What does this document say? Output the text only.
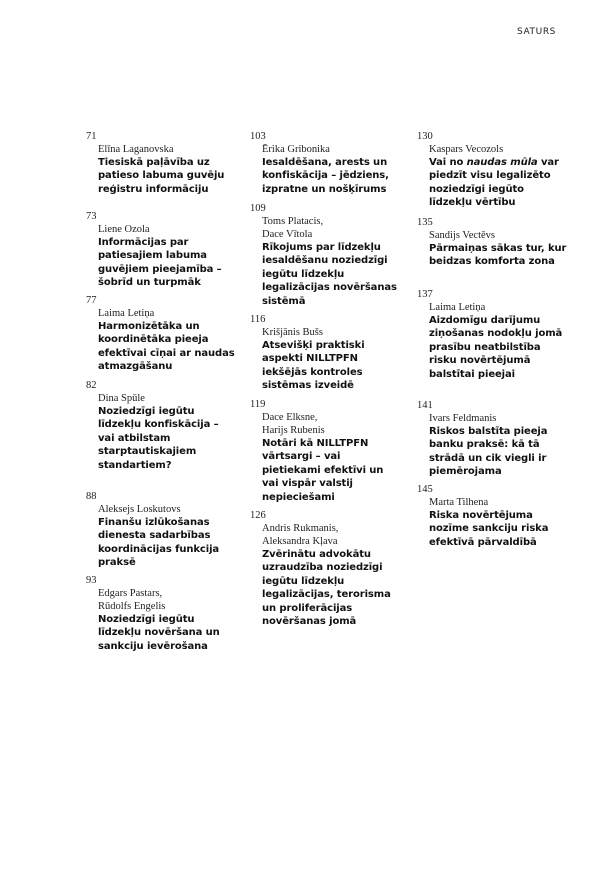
SATURS
71
Elīna Laganovska
Tiesiskā paļāvība uz patieso labuma guvēju reģistru informāciju
73
Liene Ozola
Informācijas par patiesajiem labuma guvējiem pieejamība – šobrīd un turpmāk
77
Laima Letiņa
Harmonizētāka un koordinētāka pieeja efektīvai cīņai ar naudas atmazgāšanu
82
Dina Spūle
Noziedzīgi iegūtu līdzekļu konfiskācija – vai atbilstam starptautiskajiem standartiem?
88
Aleksejs Loskutovs
Finanšu izlūkošanas dienesta sadarbības koordinācijas funkcija praksē
93
Edgars Pastars,
Rūdolfs Engelis
Noziedzīgi iegūtu līdzekļu novēršana un sankciju ievērošana
103
Ērika Gribonika
Iesaldēšana, arests un konfiskācija – jēdziens, izpratne un nošķīrums
109
Toms Platacis,
Dace Vītola
Rīkojums par līdzekļu iesaldēšanu noziedzīgi iegūtu līdzekļu legalizācijas novēršanas sistēmā
116
Krišjānis Bušs
Atsevišķi praktiski aspekti NILLTPFN iekšējās kontroles sistēmas izveidē
119
Dace Elksne,
Harijs Rubenis
Notāri kā NILLTPFN vārtsargi – vai pietiekami efektīvi un vai vispār valstij nepieciešami
126
Andris Rukmanis,
Aleksandra Kļava
Zvērinātu advokātu uzraudzība noziedzīgi iegūtu līdzekļu legalizācijas, terorisma un proliferācijas novēršanas jomā
130
Kaspars Vecozols
Vai no naudas mūla var piedzīt visu legalizēto noziedzīgi iegūto līdzekļu vērtību
135
Sandijs Vectēvs
Pārmaiņas sākas tur, kur beidzas komforta zona
137
Laima Letiņa
Aizdomīgu darījumu ziņošanas nodokļu jomā prasību neatbilstība risku novērtējumā balstītai pieejai
141
Ivars Feldmanis
Riskos balstīta pieeja banku praksē: kā tā strādā un cik viegli ir piemērojama
145
Marta Tilhena
Riska novērtējuma nozīme sankciju riska efektīvā pārvaldībā
